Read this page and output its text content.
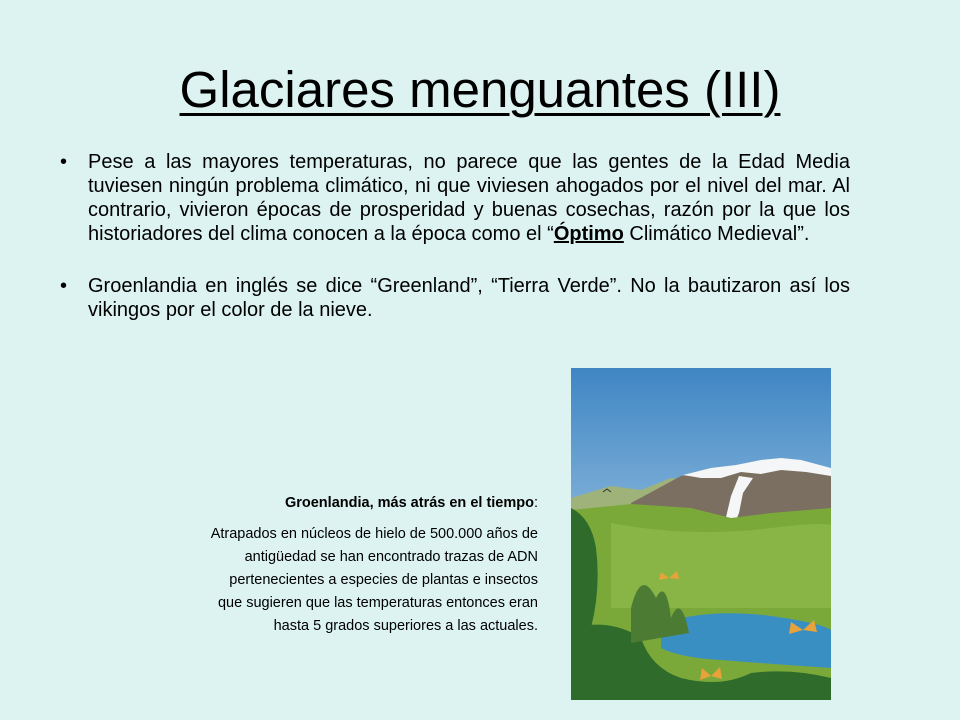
Glaciares menguantes (III)
• Pese a las mayores temperaturas, no parece que las gentes de la Edad Media tuviesen ningún problema climático, ni que viviesen ahogados por el nivel del mar. Al contrario, vivieron épocas de prosperidad y buenas cosechas, razón por la que los historiadores del clima conocen a la época como el “Óptimo Climático Medieval”.
• Groenlandia en inglés se dice “Greenland”, “Tierra Verde”. No la bautizaron así los vikingos por el color de la nieve.

Groenlandia, más atrás en el tiempo:

Atrapados en núcleos de hielo de 500.000 años de antigüedad se han encontrado trazas de ADN pertenecientes a especies de plantas e insectos que sugieren que las temperaturas entonces eran hasta 5 grados superiores a las actuales.
